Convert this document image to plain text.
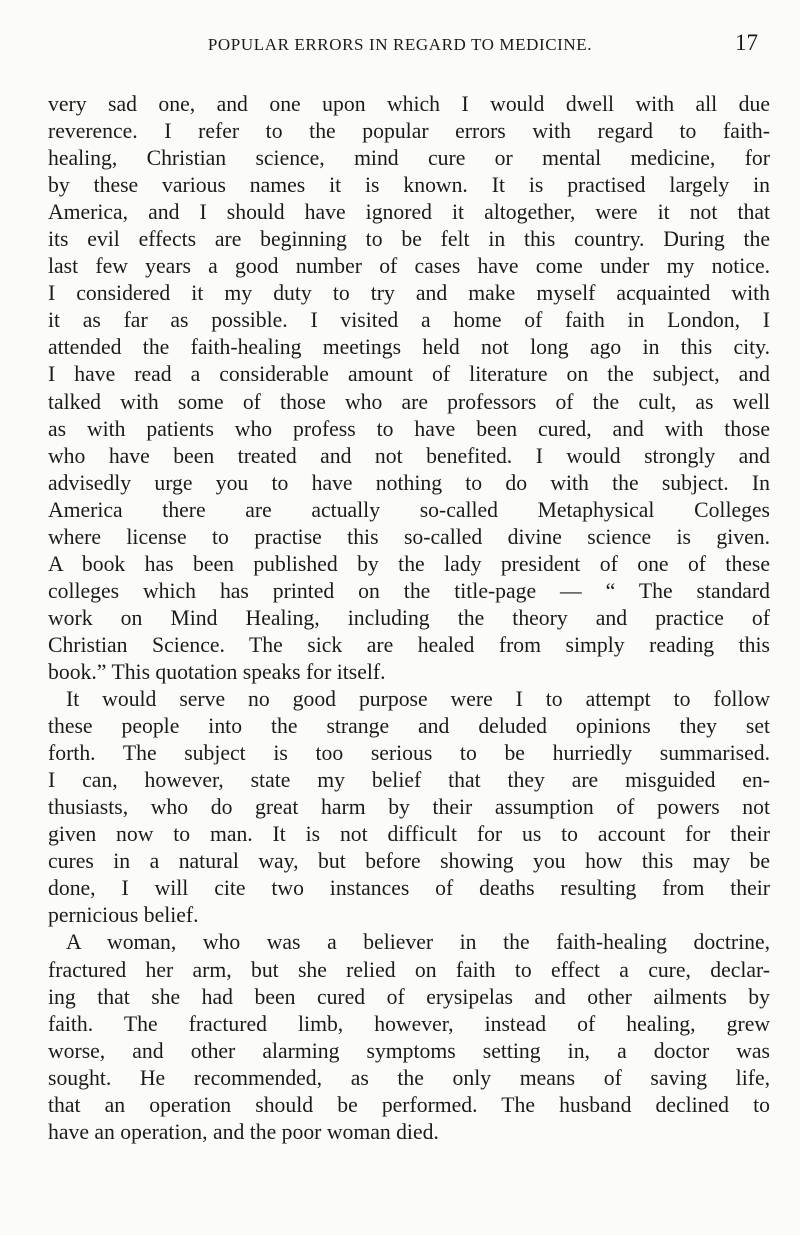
POPULAR ERRORS IN REGARD TO MEDICINE.	17
very sad one, and one upon which I would dwell with all due
reverence. I refer to the popular errors with regard to faith-
healing, Christian science, mind cure or mental medicine, for
by these various names it is known. It is practised largely in
America, and I should have ignored it altogether, were it not that
its evil effects are beginning to be felt in this country. During the
last few years a good number of cases have come under my notice.
I considered it my duty to try and make myself acquainted with
it as far as possible. I visited a home of faith in London, I
attended the faith-healing meetings held not long ago in this city.
I have read a considerable amount of literature on the subject, and
talked with some of those who are professors of the cult, as well
as with patients who profess to have been cured, and with those
who have been treated and not benefited. I would strongly and
advisedly urge you to have nothing to do with the subject. In
America there are actually so-called Metaphysical Colleges
where license to practise this so-called divine science is given.
A book has been published by the lady president of one of these
colleges which has printed on the title-page — “ The standard
work on Mind Healing, including the theory and practice of
Christian Science. The sick are healed from simply reading this
book.” This quotation speaks for itself.
It would serve no good purpose were I to attempt to follow
these people into the strange and deluded opinions they set
forth. The subject is too serious to be hurriedly summarised.
I can, however, state my belief that they are misguided en-
thusiasts, who do great harm by their assumption of powers not
given now to man. It is not difficult for us to account for their
cures in a natural way, but before showing you how this may be
done, I will cite two instances of deaths resulting from their
pernicious belief.
A woman, who was a believer in the faith-healing doctrine,
fractured her arm, but she relied on faith to effect a cure, declar-
ing that she had been cured of erysipelas and other ailments by
faith. The fractured limb, however, instead of healing, grew
worse, and other alarming symptoms setting in, a doctor was
sought. He recommended, as the only means of saving life,
that an operation should be performed. The husband declined to
have an operation, and the poor woman died.
